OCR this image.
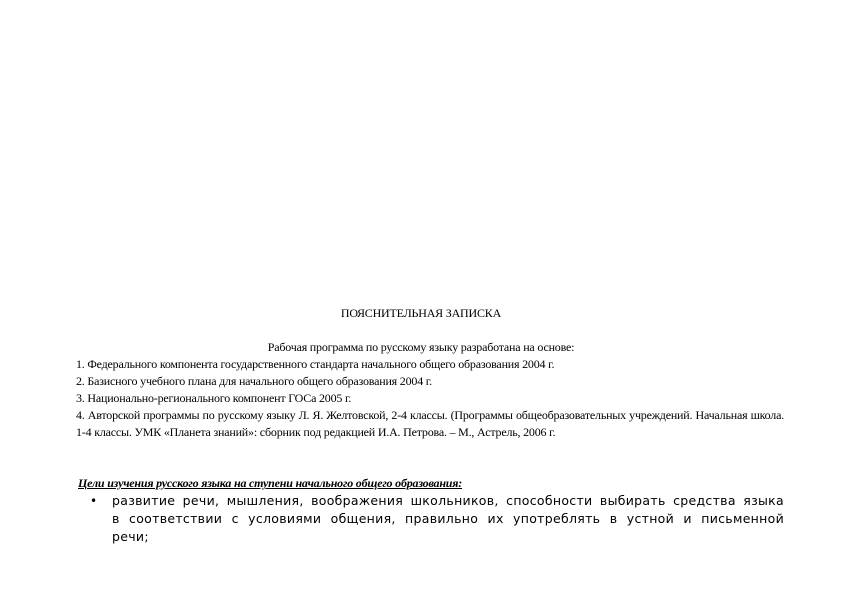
ПОЯСНИТЕЛЬНАЯ ЗАПИСКА
Рабочая программа по русскому языку разработана на основе:

1. Федерального компонента государственного стандарта начального общего образования 2004 г.

2. Базисного учебного плана для начального общего образования 2004 г.

3. Национально-регионального компонент ГОСа 2005 г.

4. Авторской программы по русскому языку Л. Я. Желтовской, 2-4 классы. (Программы общеобразовательных учреждений. Начальная школа. 1-4 классы. УМК «Планета знаний»: сборник под редакцией И.А. Петрова. – М., Астрель, 2006 г.

Цели изучения русского языка на ступени начального общего образования:
• развитие речи, мышления, воображения школьников, способности выбирать средства языка в соответствии с условиями общения, правильно их употреблять в устной и письменной речи;
